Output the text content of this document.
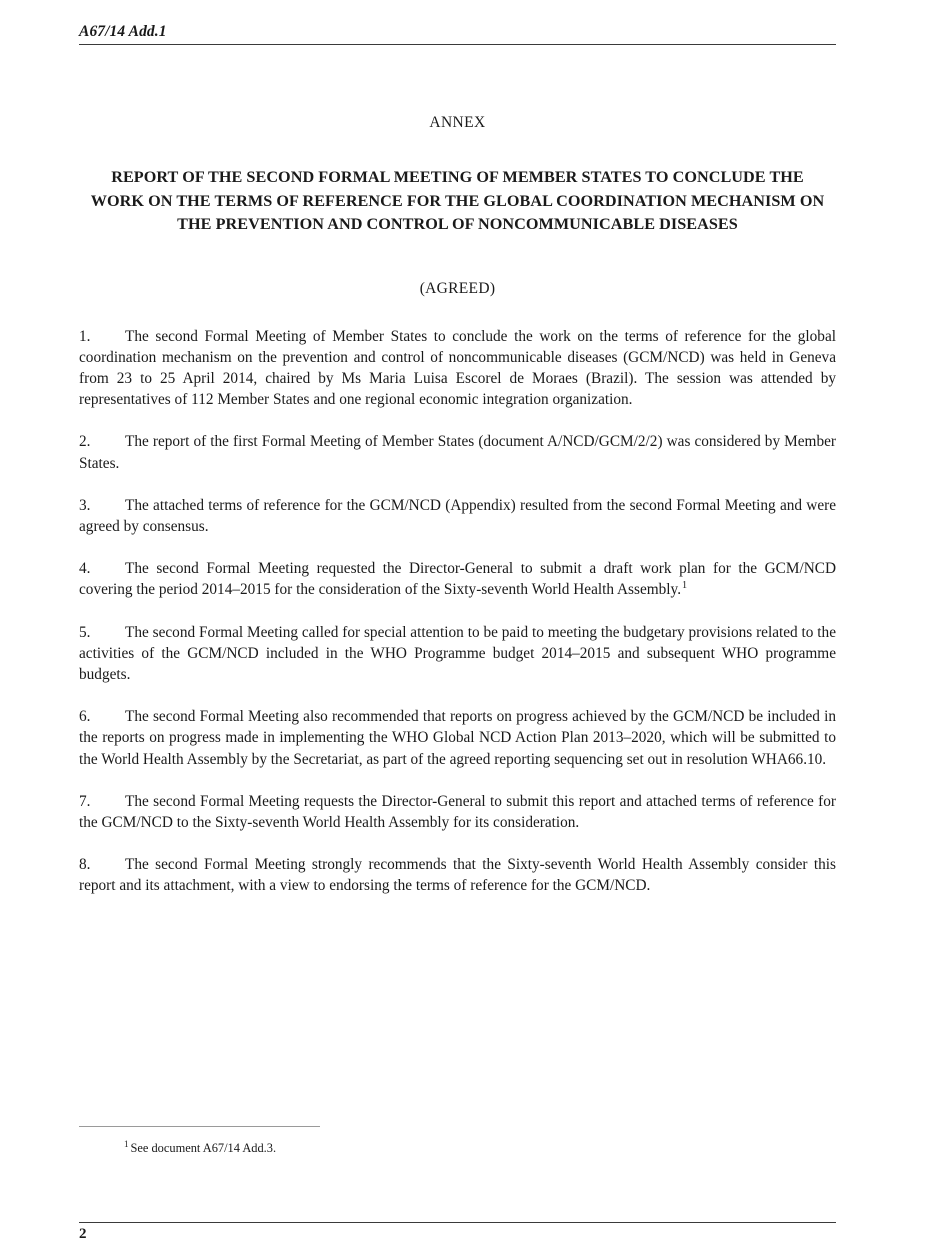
A67/14 Add.1
ANNEX
REPORT OF THE SECOND FORMAL MEETING OF MEMBER STATES TO CONCLUDE THE WORK ON THE TERMS OF REFERENCE FOR THE GLOBAL COORDINATION MECHANISM ON THE PREVENTION AND CONTROL OF NONCOMMUNICABLE DISEASES
(AGREED)

1. The second Formal Meeting of Member States to conclude the work on the terms of reference for the global coordination mechanism on the prevention and control of noncommunicable diseases (GCM/NCD) was held in Geneva from 23 to 25 April 2014, chaired by Ms Maria Luisa Escorel de Moraes (Brazil). The session was attended by representatives of 112 Member States and one regional economic integration organization.

2. The report of the first Formal Meeting of Member States (document A/NCD/GCM/2/2) was considered by Member States.

3. The attached terms of reference for the GCM/NCD (Appendix) resulted from the second Formal Meeting and were agreed by consensus.

4. The second Formal Meeting requested the Director-General to submit a draft work plan for the GCM/NCD covering the period 2014–2015 for the consideration of the Sixty-seventh World Health Assembly.$^1$

5. The second Formal Meeting called for special attention to be paid to meeting the budgetary provisions related to the activities of the GCM/NCD included in the WHO Programme budget 2014–2015 and subsequent WHO programme budgets.

6. The second Formal Meeting also recommended that reports on progress achieved by the GCM/NCD be included in the reports on progress made in implementing the WHO Global NCD Action Plan 2013–2020, which will be submitted to the World Health Assembly by the Secretariat, as part of the agreed reporting sequencing set out in resolution WHA66.10.

7. The second Formal Meeting requests the Director-General to submit this report and attached terms of reference for the GCM/NCD to the Sixty-seventh World Health Assembly for its consideration.

8. The second Formal Meeting strongly recommends that the Sixty-seventh World Health Assembly consider this report and its attachment, with a view to endorsing the terms of reference for the GCM/NCD.

$^1$ See document A67/14 Add.3.

2
